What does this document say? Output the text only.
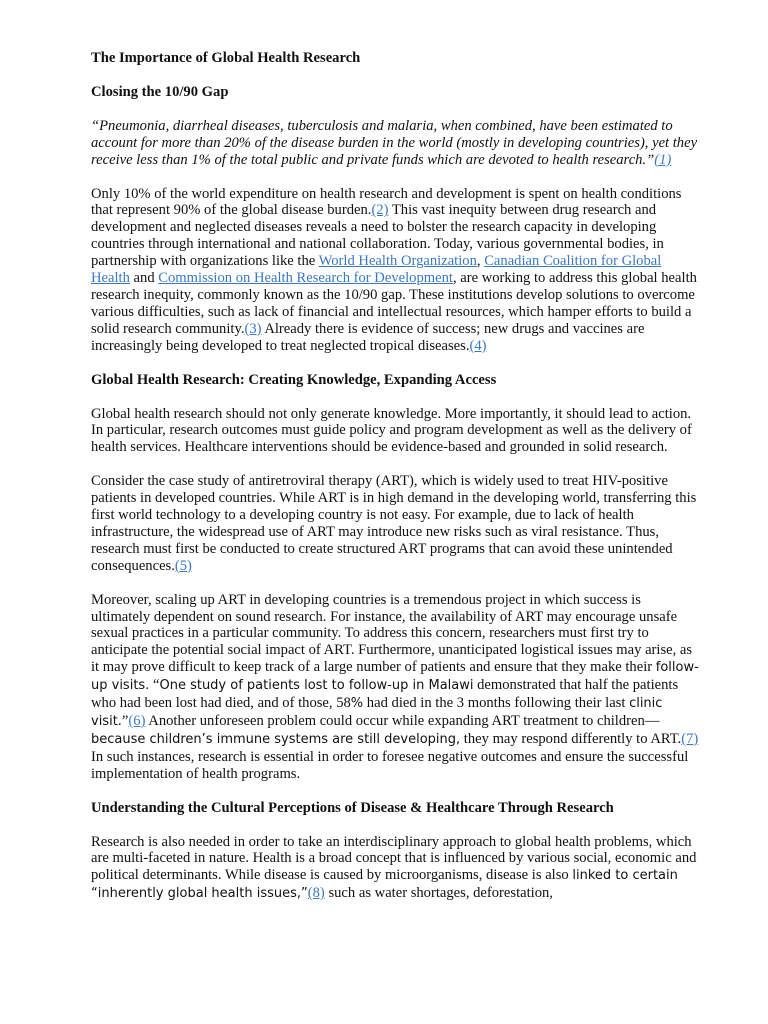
The Importance of Global Health Research

Closing the 10/90 Gap

“Pneumonia, diarrheal diseases, tuberculosis and malaria, when combined, have been estimated to account for more than 20% of the disease burden in the world (mostly in developing countries), yet they receive less than 1% of the total public and private funds which are devoted to health research.”(1)

Only 10% of the world expenditure on health research and development is spent on health conditions that represent 90% of the global disease burden.(2) This vast inequity between drug research and development and neglected diseases reveals a need to bolster the research capacity in developing countries through international and national collaboration. Today, various governmental bodies, in partnership with organizations like the World Health Organization, Canadian Coalition for Global Health and Commission on Health Research for Development, are working to address this global health research inequity, commonly known as the 10/90 gap. These institutions develop solutions to overcome various difficulties, such as lack of financial and intellectual resources, which hamper efforts to build a solid research community.(3) Already there is evidence of success; new drugs and vaccines are increasingly being developed to treat neglected tropical diseases.(4)

Global Health Research: Creating Knowledge, Expanding Access

Global health research should not only generate knowledge. More importantly, it should lead to action. In particular, research outcomes must guide policy and program development as well as the delivery of health services. Healthcare interventions should be evidence-based and grounded in solid research.

Consider the case study of antiretroviral therapy (ART), which is widely used to treat HIV-positive patients in developed countries. While ART is in high demand in the developing world, transferring this first world technology to a developing country is not easy. For example, due to lack of health infrastructure, the widespread use of ART may introduce new risks such as viral resistance. Thus, research must first be conducted to create structured ART programs that can avoid these unintended consequences.(5)

Moreover, scaling up ART in developing countries is a tremendous project in which success is ultimately dependent on sound research. For instance, the availability of ART may encourage unsafe sexual practices in a particular community. To address this concern, researchers must first try to anticipate the potential social impact of ART. Furthermore, unanticipated logistical issues may arise, as it may prove difficult to keep track of a large number of patients and ensure that they make their follow-up visits. “One study of patients lost to follow-up in Malawi demonstrated that half the patients who had been lost had died, and of those, 58% had died in the 3 months following their last clinic visit.”(6) Another unforeseen problem could occur while expanding ART treatment to children—because children’s immune systems are still developing, they may respond differently to ART.(7) In such instances, research is essential in order to foresee negative outcomes and ensure the successful implementation of health programs.

Understanding the Cultural Perceptions of Disease & Healthcare Through Research

Research is also needed in order to take an interdisciplinary approach to global health problems, which are multi-faceted in nature. Health is a broad concept that is influenced by various social, economic and political determinants. While disease is caused by microorganisms, disease is also linked to certain “inherently global health issues,”(8) such as water shortages, deforestation,
